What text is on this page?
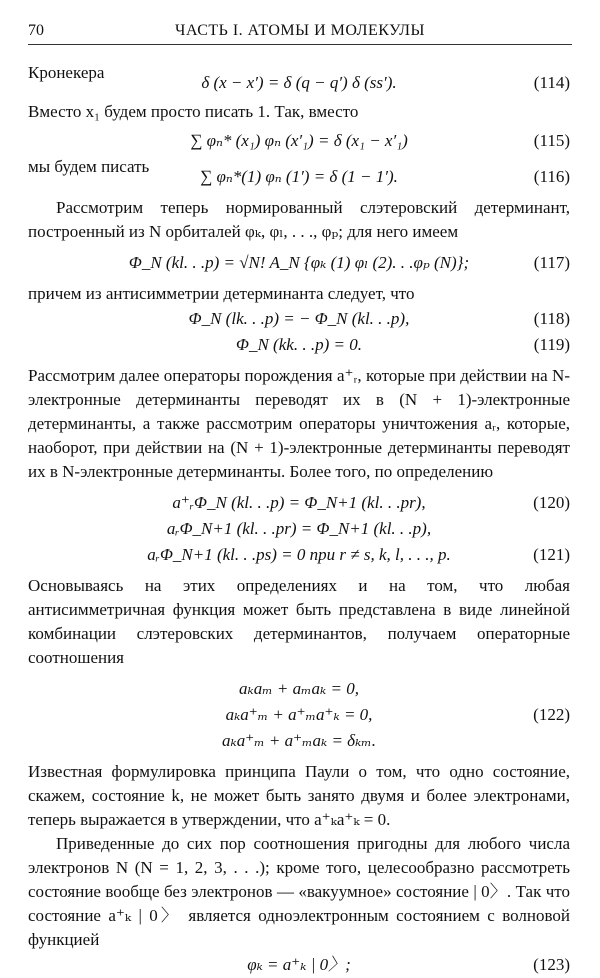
70	ЧАСТЬ I. АТОМЫ И МОЛЕКУЛЫ
Кронекера
δ (x − x′) = δ (q − q′) δ (ss′).	(114)

Вместо x₁ будем просто писать 1. Так, вместо

∑ φₙ* (x₁) φₙ (x′₁) = δ (x₁ − x′₁)	(115)
мы будем писать
∑ φₙ*(1) φₙ (1′) = δ (1 − 1′).	(116)

Рассмотрим теперь нормированный слэтеровский детерминант, построенный из N орбиталей φₖ, φₗ, . . ., φₚ; для него имеем

Φ_N (kl. . .p) = √N! A_N {φₖ (1) φₗ (2). . .φₚ (N)};	(117)

причем из антисимметрии детерминанта следует, что

Φ_N (lk. . .p) = − Φ_N (kl. . .p),	(118)
Φ_N (kk. . .p) = 0.	(119)

Рассмотрим далее операторы порождения a⁺ᵣ, которые при действии на N-электронные детерминанты переводят их в (N + 1)-электронные детерминанты, а также рассмотрим операторы уничтожения aᵣ, которые, наоборот, при действии на (N + 1)-электронные детерминанты переводят их в N-электронные детерминанты. Более того, по определению

a⁺ᵣΦ_N (kl. . .p) = Φ_N+1 (kl. . .pr),	(120)
aᵣΦ_N+1 (kl. . .pr) = Φ_N+1 (kl. . .p),
aᵣΦ_N+1 (kl. . .ps) = 0 при r ≠ s, k, l, . . ., p.	(121)

Основываясь на этих определениях и на том, что любая антисимметричная функция может быть представлена в виде линейной комбинации слэтеровских детерминантов, получаем операторные соотношения

aₖaₘ + aₘaₖ = 0,
aₖa⁺ₘ + a⁺ₘa⁺ₖ = 0,	(122)
aₖa⁺ₘ + a⁺ₘaₖ = δₖₘ.

Известная формулировка принципа Паули о том, что одно состояние, скажем, состояние k, не может быть занято двумя и более электронами, теперь выражается в утверждении, что a⁺ₖa⁺ₖ = 0.

Приведенные до сих пор соотношения пригодны для любого числа электронов N (N = 1, 2, 3, . . .); кроме того, целесообразно рассмотреть состояние вообще без электронов — «вакуумное» состояние | 0〉. Так что состояние a⁺ₖ | 0〉 является одноэлектронным состоянием с волновой функцией

φₖ = a⁺ₖ | 0〉;	(123)
